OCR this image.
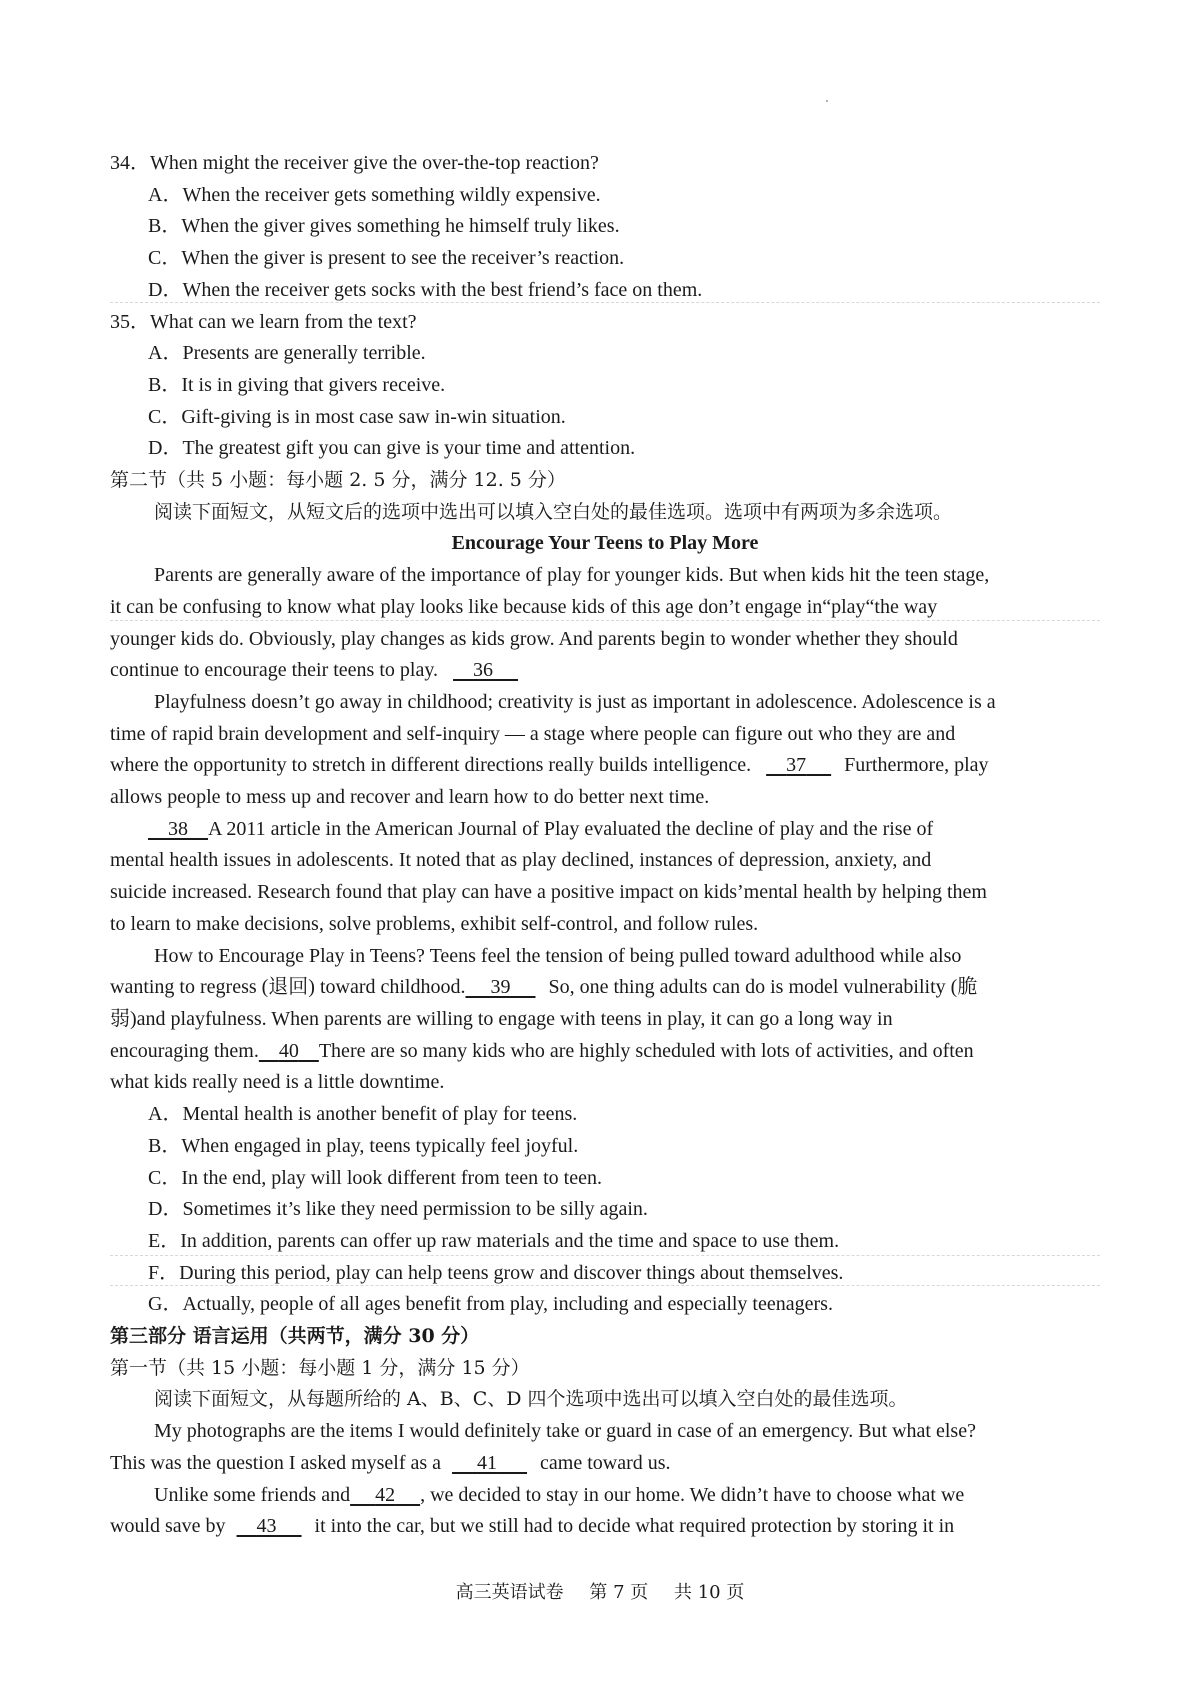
34．When might the receiver give the over-the-top reaction?
A．When the receiver gets something wildly expensive.
B．When the giver gives something he himself truly likes.
C．When the giver is present to see the receiver’s reaction.
D．When the receiver gets socks with the best friend’s face on them.
35．What can we learn from the text?
A．Presents are generally terrible.
B．It is in giving that givers receive.
C．Gift-giving is in most case saw in-win situation.
D．The greatest gift you can give is your time and attention.
第二节（共 5 小题：每小题 2. 5 分，满分 12. 5 分）
阅读下面短文，从短文后的选项中选出可以填入空白处的最佳选项。选项中有两项为多余选项。
Encourage Your Teens to Play More
Parents are generally aware of the importance of play for younger kids. But when kids hit the teen stage,
it can be confusing to know what play looks like because kids of this age don’t engage in“play“the way
younger kids do. Obviously, play changes as kids grow. And parents begin to wonder whether they should
continue to encourage their teens to play. 36
Playfulness doesn’t go away in childhood; creativity is just as important in adolescence. Adolescence is a
time of rapid brain development and self-inquiry — a stage where people can figure out who they are and
where the opportunity to stretch in different directions really builds intelligence. 37 Furthermore, play
allows people to mess up and recover and learn how to do better next time.
38 A 2011 article in the American Journal of Play evaluated the decline of play and the rise of
mental health issues in adolescents. It noted that as play declined, instances of depression, anxiety, and
suicide increased. Research found that play can have a positive impact on kids’mental health by helping them
to learn to make decisions, solve problems, exhibit self-control, and follow rules.
How to Encourage Play in Teens? Teens feel the tension of being pulled toward adulthood while also
wanting to regress (退回) toward childhood. 39 So, one thing adults can do is model vulnerability (脆
弱)and playfulness. When parents are willing to engage with teens in play, it can go a long way in
encouraging them. 40 There are so many kids who are highly scheduled with lots of activities, and often
what kids really need is a little downtime.
A．Mental health is another benefit of play for teens.
B．When engaged in play, teens typically feel joyful.
C．In the end, play will look different from teen to teen.
D．Sometimes it’s like they need permission to be silly again.
E．In addition, parents can offer up raw materials and the time and space to use them.
F．During this period, play can help teens grow and discover things about themselves.
G．Actually, people of all ages benefit from play, including and especially teenagers.
第三部分 语言运用（共两节，满分 30 分）
第一节（共 15 小题：每小题 1 分，满分 15 分）
阅读下面短文，从每题所给的 A、B、C、D 四个选项中选出可以填入空白处的最佳选项。
My photographs are the items I would definitely take or guard in case of an emergency. But what else?
This was the question I asked myself as a 41 came toward us.
Unlike some friends and 42 , we decided to stay in our home. We didn’t have to choose what we
would save by 43 it into the car, but we still had to decide what required protection by storing it in
高三英语试卷 第 7 页 共 10 页
